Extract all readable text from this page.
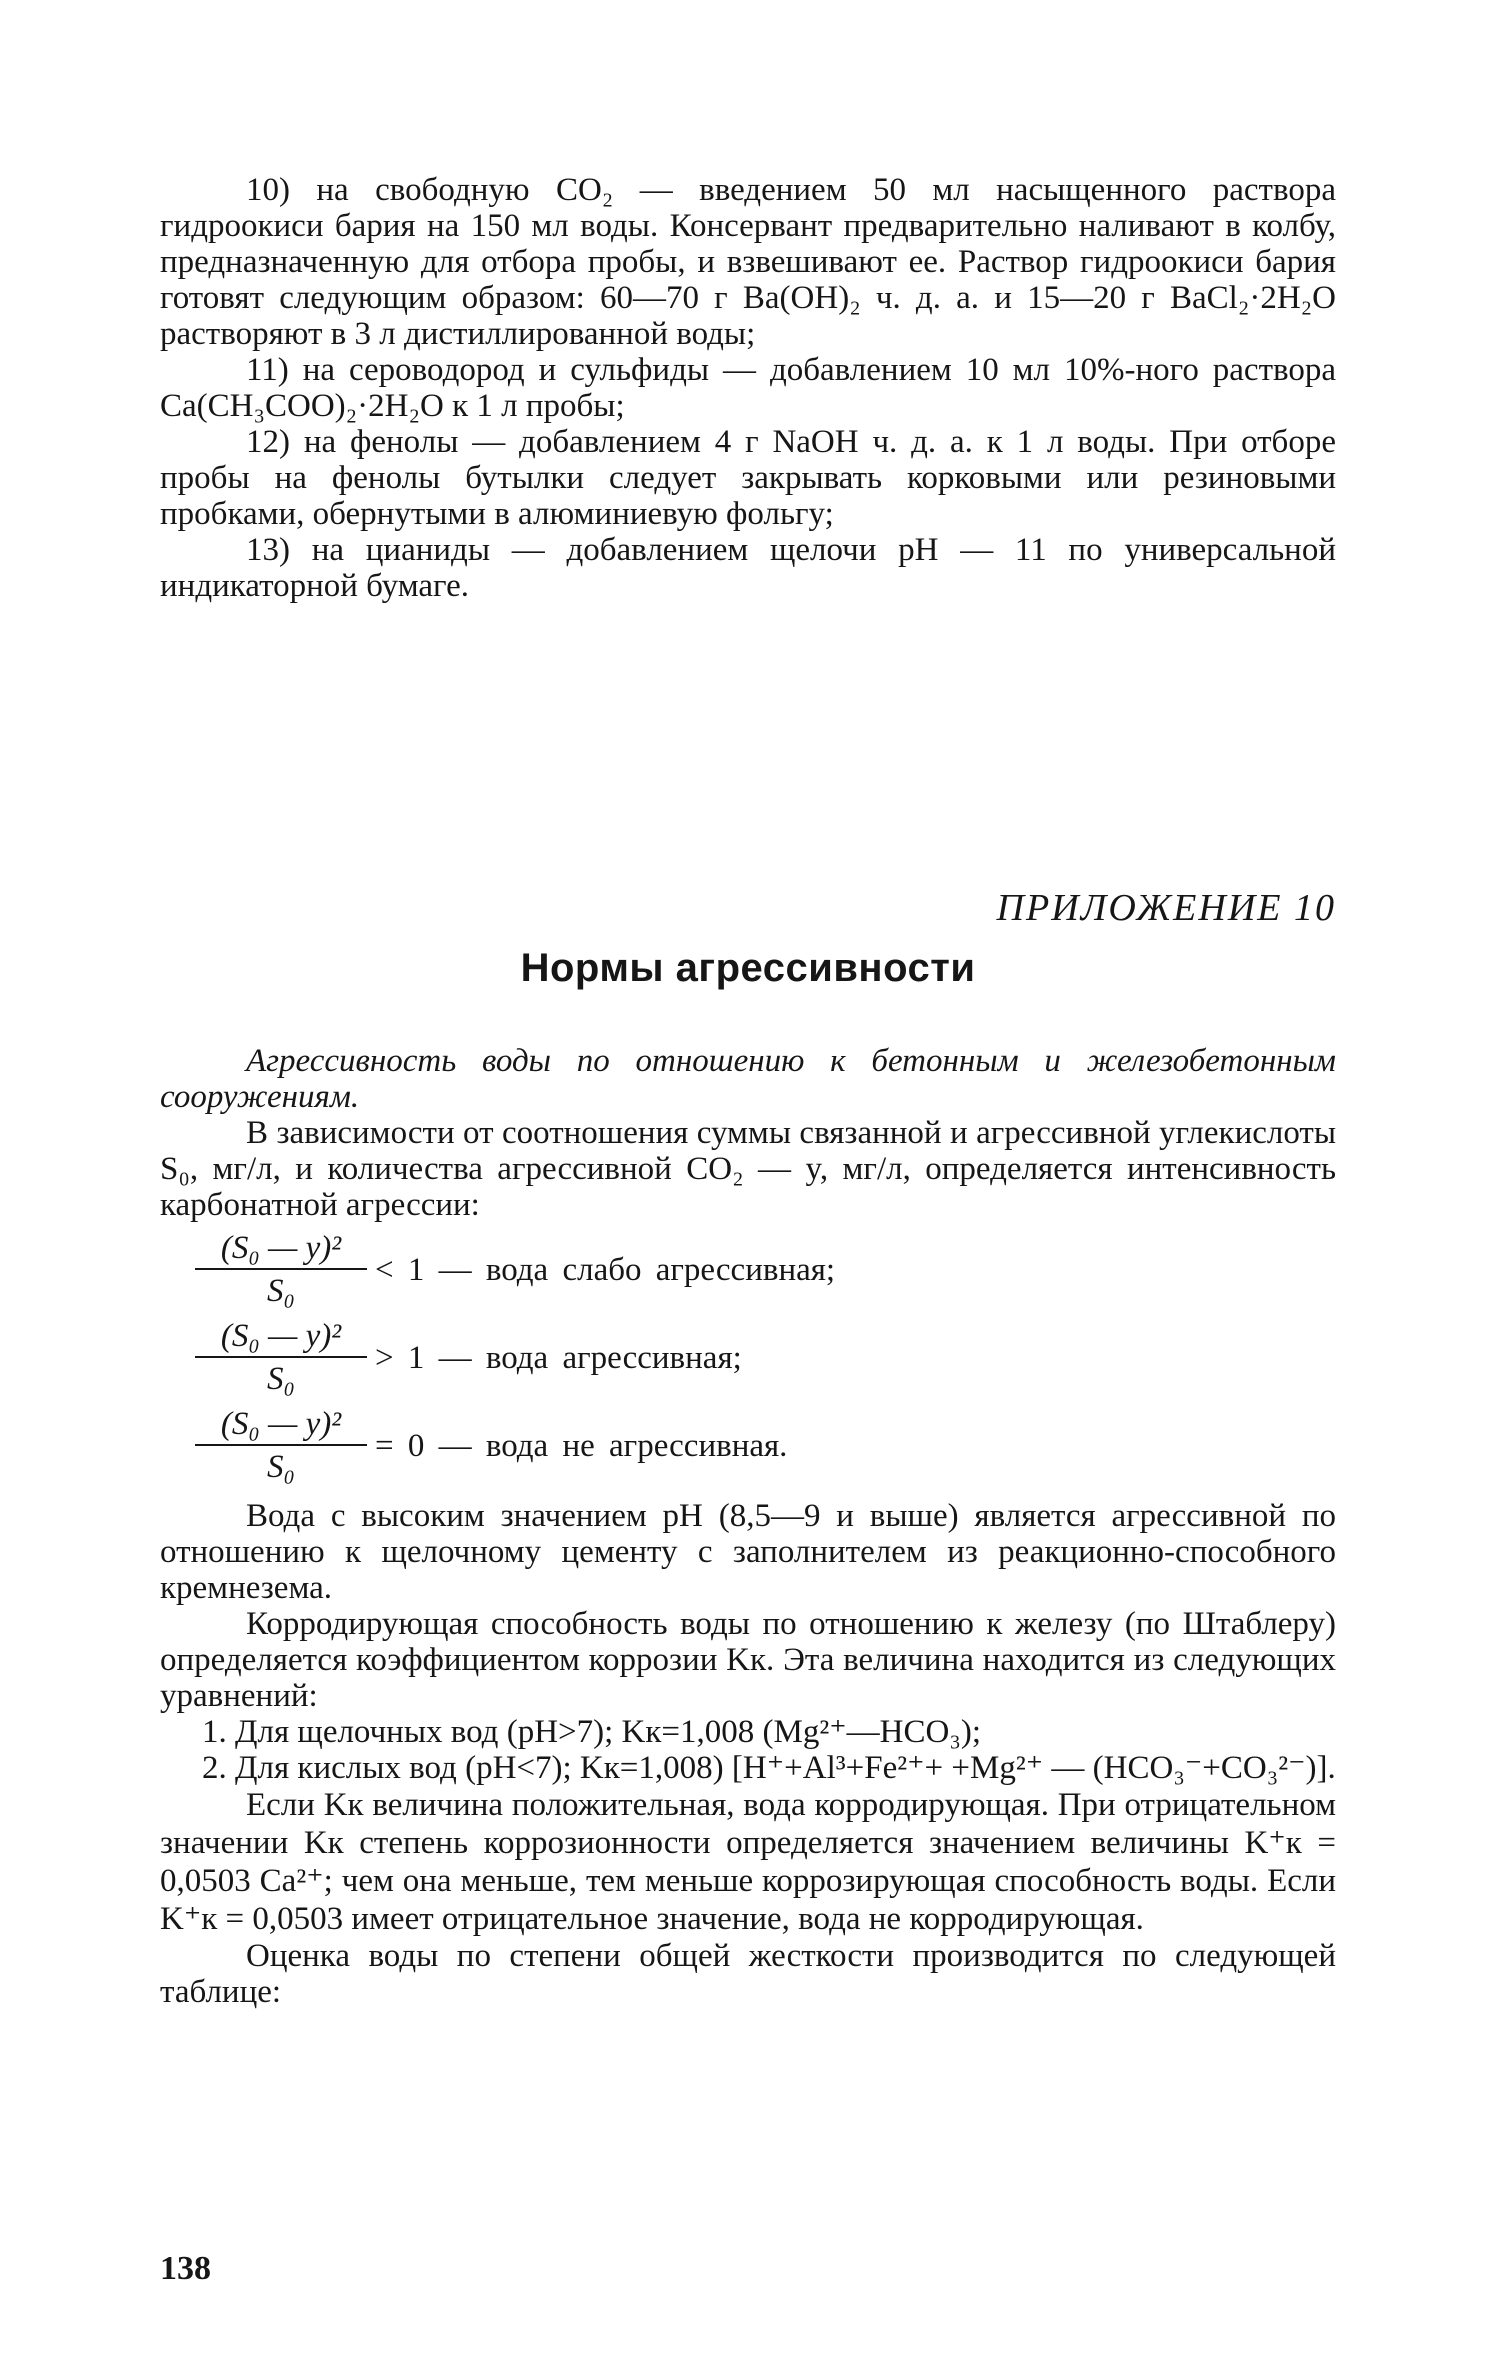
10) на свободную СО₂ — введением 50 мл насыщенного раствора гидроокиси бария на 150 мл воды. Консервант предварительно наливают в колбу, предназначенную для отбора пробы, и взвешивают ее. Раствор гидроокиси бария готовят следующим образом: 60—70 г Ba(OH)₂ ч. д. а. и 15—20 г BaCl₂·2H₂O растворяют в 3 л дистиллированной воды;

11) на сероводород и сульфиды — добавлением 10 мл 10%-ного раствора Ca(CH₃COO)₂·2H₂O к 1 л пробы;

12) на фенолы — добавлением 4 г NaOH ч. д. а. к 1 л воды. При отборе пробы на фенолы бутылки следует закрывать корковыми или резиновыми пробками, обернутыми в алюминиевую фольгу;

13) на цианиды — добавлением щелочи pH — 11 по универсальной индикаторной бумаге.

ПРИЛОЖЕНИЕ 10
Нормы агрессивности

Агрессивность воды по отношению к бетонным и железобетонным сооружениям.

В зависимости от соотношения суммы связанной и агрессивной углекислоты S₀, мг/л, и количества агрессивной СО₂ — y, мг/л, определяется интенсивность карбонатной агрессии:

(S₀ — y)²
S₀
< 1 — вода слабо агрессивная;
(S₀ — y)²
S₀
> 1 — вода агрессивная;
(S₀ — y)²
S₀
= 0 — вода не агрессивная.

Вода с высоким значением pH (8,5—9 и выше) является агрессивной по отношению к щелочному цементу с заполнителем из реакционно-способного кремнезема.

Корродирующая способность воды по отношению к железу (по Штаблеру) определяется коэффициентом коррозии Kк. Эта величина находится из следующих уравнений:

1. Для щелочных вод (pH>7); Kк=1,008 (Mg²⁺—HCO₃);

2. Для кислых вод (pH<7); Kк=1,008) [H⁺+Al³+Fe²⁺+ +Mg²⁺ — (HCO₃⁻+CO₃²⁻)].

Если Kк величина положительная, вода корродирующая. При отрицательном значении Kк степень коррозионности определяется значением величины K⁺к = 0,0503 Ca²⁺; чем она меньше, тем меньше коррозирующая способность воды. Если K⁺к = 0,0503 имеет отрицательное значение, вода не корродирующая.

Оценка воды по степени общей жесткости производится по следующей таблице:

138
